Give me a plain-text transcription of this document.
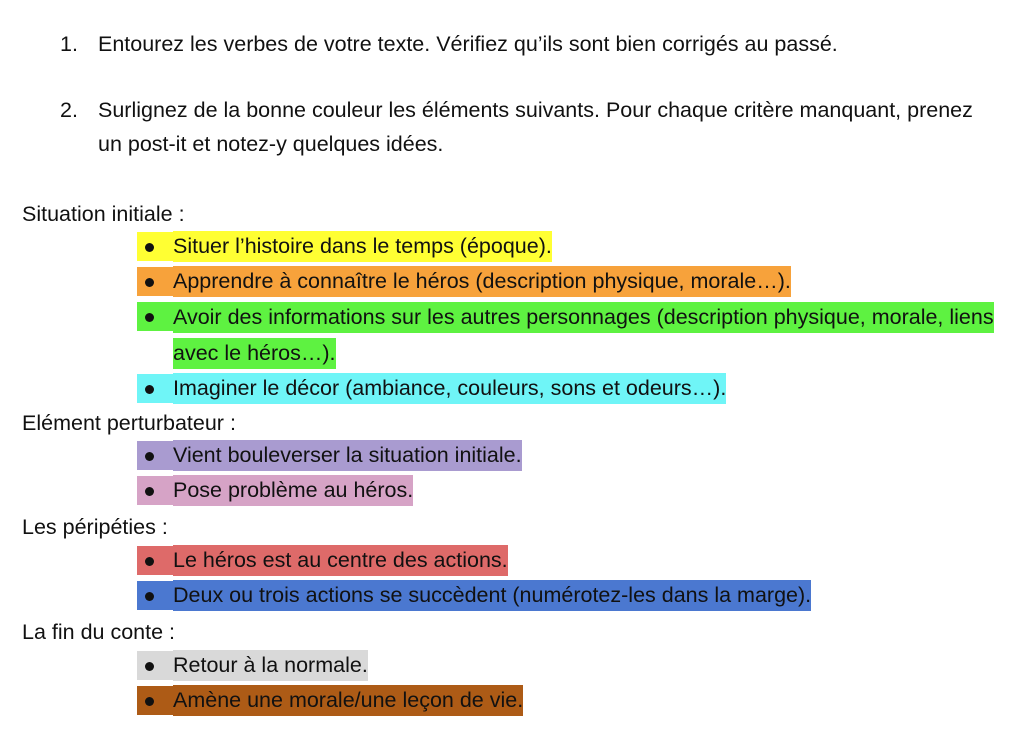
1. Entourez les verbes de votre texte. Vérifiez qu’ils sont bien corrigés au passé.
2. Surlignez de la bonne couleur les éléments suivants. Pour chaque critère manquant, prenez un post-it et notez-y quelques idées.
Situation initiale :
Situer l’histoire dans le temps (époque).
Apprendre à connaître le héros (description physique, morale…).
Avoir des informations sur les autres personnages (description physique, morale, liens avec le héros…).
Imaginer le décor (ambiance, couleurs, sons et odeurs…).
Elément perturbateur :
Vient bouleverser la situation initiale.
Pose problème au héros.
Les péripéties :
Le héros est au centre des actions.
Deux ou trois actions se succèdent (numérotez-les dans la marge).
La fin du conte :
Retour à la normale.
Amène une morale/une leçon de vie.
